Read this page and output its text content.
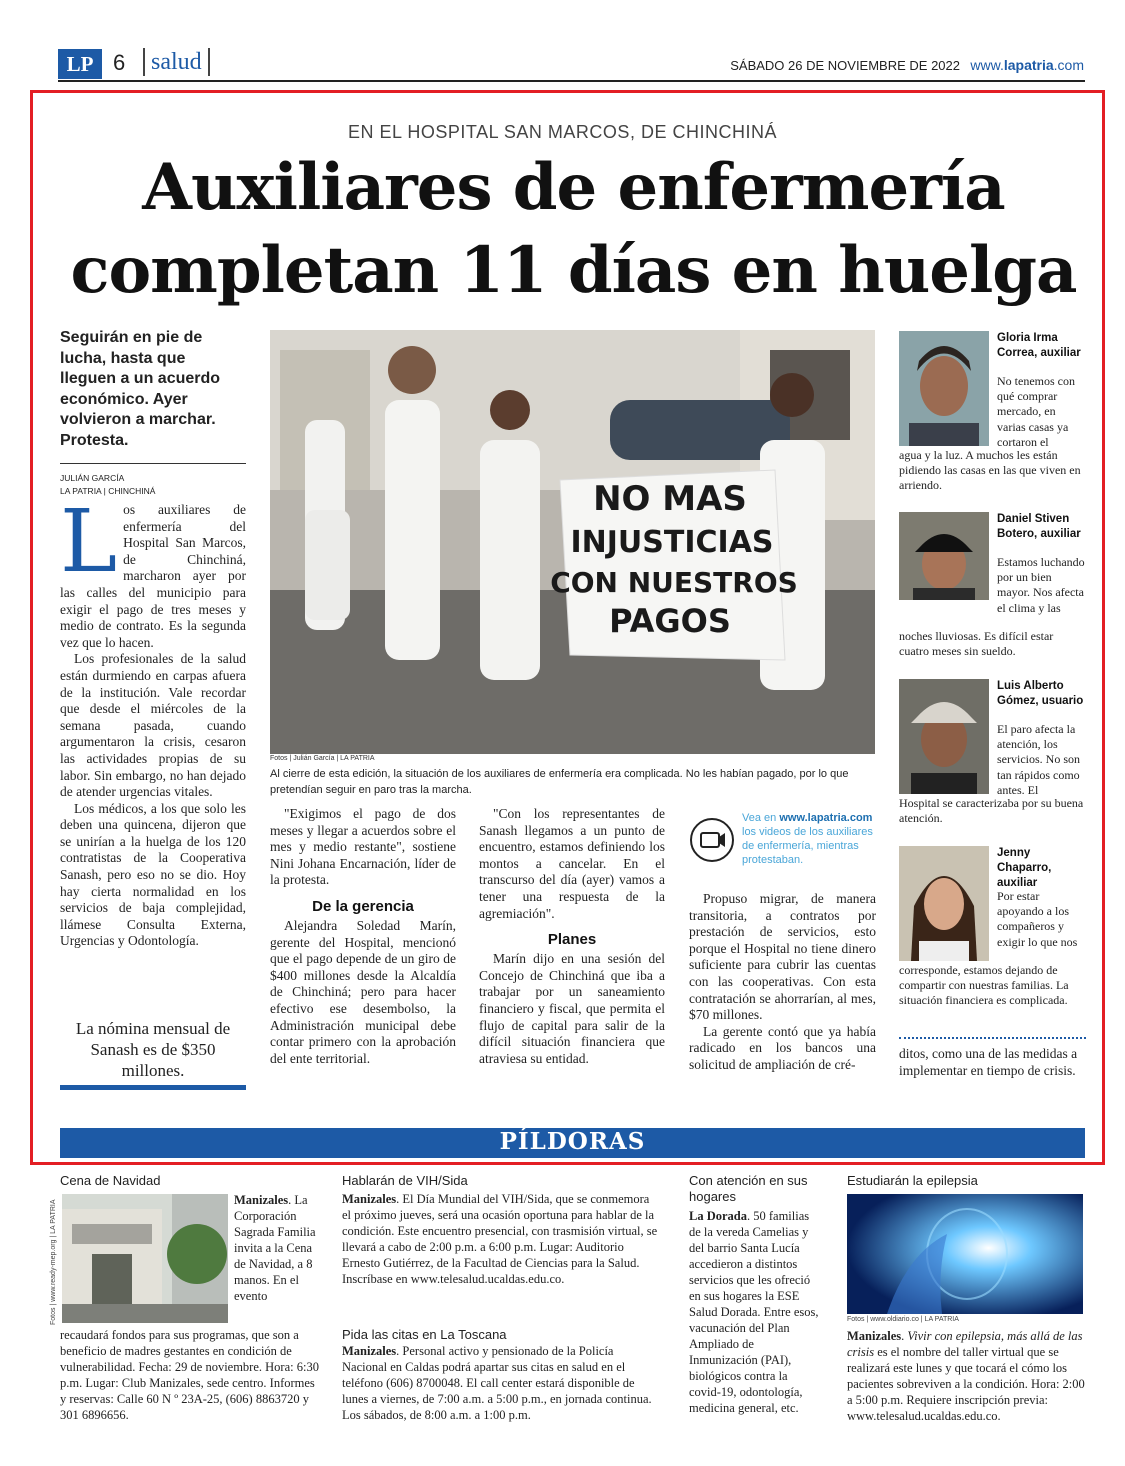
LP 6	salud	SÁBADO 26 DE NOVIEMBRE DE 2022 www.lapatria.com
EN EL HOSPITAL SAN MARCOS, DE CHINCHINÁ
Auxiliares de enfermería
completan 11 días en huelga
Seguirán en pie de lucha, hasta que lleguen a un acuerdo económico. Ayer volvieron a marchar. Protesta.
JULIÁN GARCÍA
LA PATRIA | CHINCHINÁ

Los auxiliares de enfermería del Hospital San Marcos, de Chinchiná, marcharon ayer por las calles del municipio para exigir el pago de tres meses y medio de contrato. Es la segunda vez que lo hacen.

Los profesionales de la salud están durmiendo en carpas afuera de la institución. Vale recordar que desde el miércoles de la semana pasada, cuando argumentaron la crisis, cesaron las actividades propias de su labor. Sin embargo, no han dejado de atender urgencias vitales.

Los médicos, a los que solo les deben una quincena, dijeron que se unirían a la huelga de los 120 contratistas de la Cooperativa Sanash, pero eso no se dio. Hoy hay cierta normalidad en los servicios de baja complejidad, llámese Consulta Externa, Urgencias y Odontología.

La nómina mensual de Sanash es de $350 millones.
NO MAS
INJUSTICIAS
CON NUESTROS
PAGOS
Fotos | Julián García | LA PATRIA
Al cierre de esta edición, la situación de los auxiliares de enfermería era complicada. No les habían pagado, por lo que pretendían seguir en paro tras la marcha.

"Exigimos el pago de dos meses y llegar a acuerdos sobre el mes y medio restante", sostiene Nini Johana Encarnación, líder de la protesta.

De la gerencia

Alejandra Soledad Marín, gerente del Hospital, mencionó que el pago depende de un giro de $400 millones desde la Alcaldía de Chinchiná; pero para hacer efectivo ese desembolso, la Administración municipal debe contar primero con la aprobación del ente territorial.

"Con los representantes de Sanash llegamos a un punto de encuentro, estamos definiendo los montos a cancelar. En el transcurso del día (ayer) vamos a tener una respuesta de la agremiación".

Planes

Marín dijo en una sesión del Concejo de Chinchiná que iba a trabajar por un saneamiento financiero y fiscal, que permita el flujo de capital para salir de la difícil situación financiera que atraviesa su entidad.

Vea en www.lapatria.com los videos de los auxiliares de enfermería, mientras protestaban.

Propuso migrar, de manera transitoria, a contratos por prestación de servicios, esto porque el Hospital no tiene dinero suficiente para cubrir las cuentas con las cooperativas. Con esta contratación se ahorrarían, al mes, $70 millones.

La gerente contó que ya había radicado en los bancos una solicitud de ampliación de cré-

Gloria Irma Correa, auxiliar
No tenemos con qué comprar mercado, en varias casas ya cortaron el
agua y la luz. A muchos les están pidiendo las casas en las que viven en arriendo.
Daniel Stiven Botero, auxiliar
Estamos luchando por un bien mayor. Nos afecta el clima y las
noches lluviosas. Es difícil estar cuatro meses sin sueldo.
Luis Alberto Gómez, usuario
El paro afecta la atención, los servicios. No son tan rápidos como antes. El
Hospital se caracterizaba por su buena atención.
Jenny Chaparro, auxiliar
Por estar apoyando a los compañeros y exigir lo que nos
corresponde, estamos dejando de compartir con nuestras familias. La situación financiera es complicada.
ditos, como una de las medidas a implementar en tiempo de crisis.
PÍLDORAS
Cena de Navidad
Fotos | www.ready-mep.org | LA PATRIA	Manizales. La Corporación Sagrada Familia invita a la Cena de Navidad, a 8 manos. En el evento
recaudará fondos para sus programas, que son a beneficio de madres gestantes en condición de vulnerabilidad. Fecha: 29 de noviembre. Hora: 6:30 p.m. Lugar: Club Manizales, sede centro. Informes y reservas: Calle 60 N º 23A-25, (606) 8863720 y 301 6896656.
Hablarán de VIH/Sida
Manizales. El Día Mundial del VIH/Sida, que se conmemora el próximo jueves, será una ocasión oportuna para hablar de la condición. Este encuentro presencial, con trasmisión virtual, se llevará a cabo de 2:00 p.m. a 6:00 p.m. Lugar: Auditorio Ernesto Gutiérrez, de la Facultad de Ciencias para la Salud. Inscríbase en www.telesalud.ucaldas.edu.co.
Pida las citas en La Toscana
Manizales. Personal activo y pensionado de la Policía Nacional en Caldas podrá apartar sus citas en salud en el teléfono (606) 8700048. El call center estará disponible de lunes a viernes, de 7:00 a.m. a 5:00 p.m., en jornada continua. Los sábados, de 8:00 a.m. a 1:00 p.m.
Con atención en sus hogares
La Dorada. 50 familias de la vereda Camelias y del barrio Santa Lucía accedieron a distintos servicios que les ofreció en sus hogares la ESE Salud Dorada. Entre esos, vacunación del Plan Ampliado de Inmunización (PAI), biológicos contra la covid-19, odontología, medicina general, etc.
Estudiarán la epilepsia
Fotos | www.oldiario.co | LA PATRIA
Manizales. Vivir con epilepsia, más allá de las crisis es el nombre del taller virtual que se realizará este lunes y que tocará el cómo los pacientes sobreviven a la condición. Hora: 2:00 a 5:00 p.m. Requiere inscripción previa: www.telesalud.ucaldas.edu.co.
